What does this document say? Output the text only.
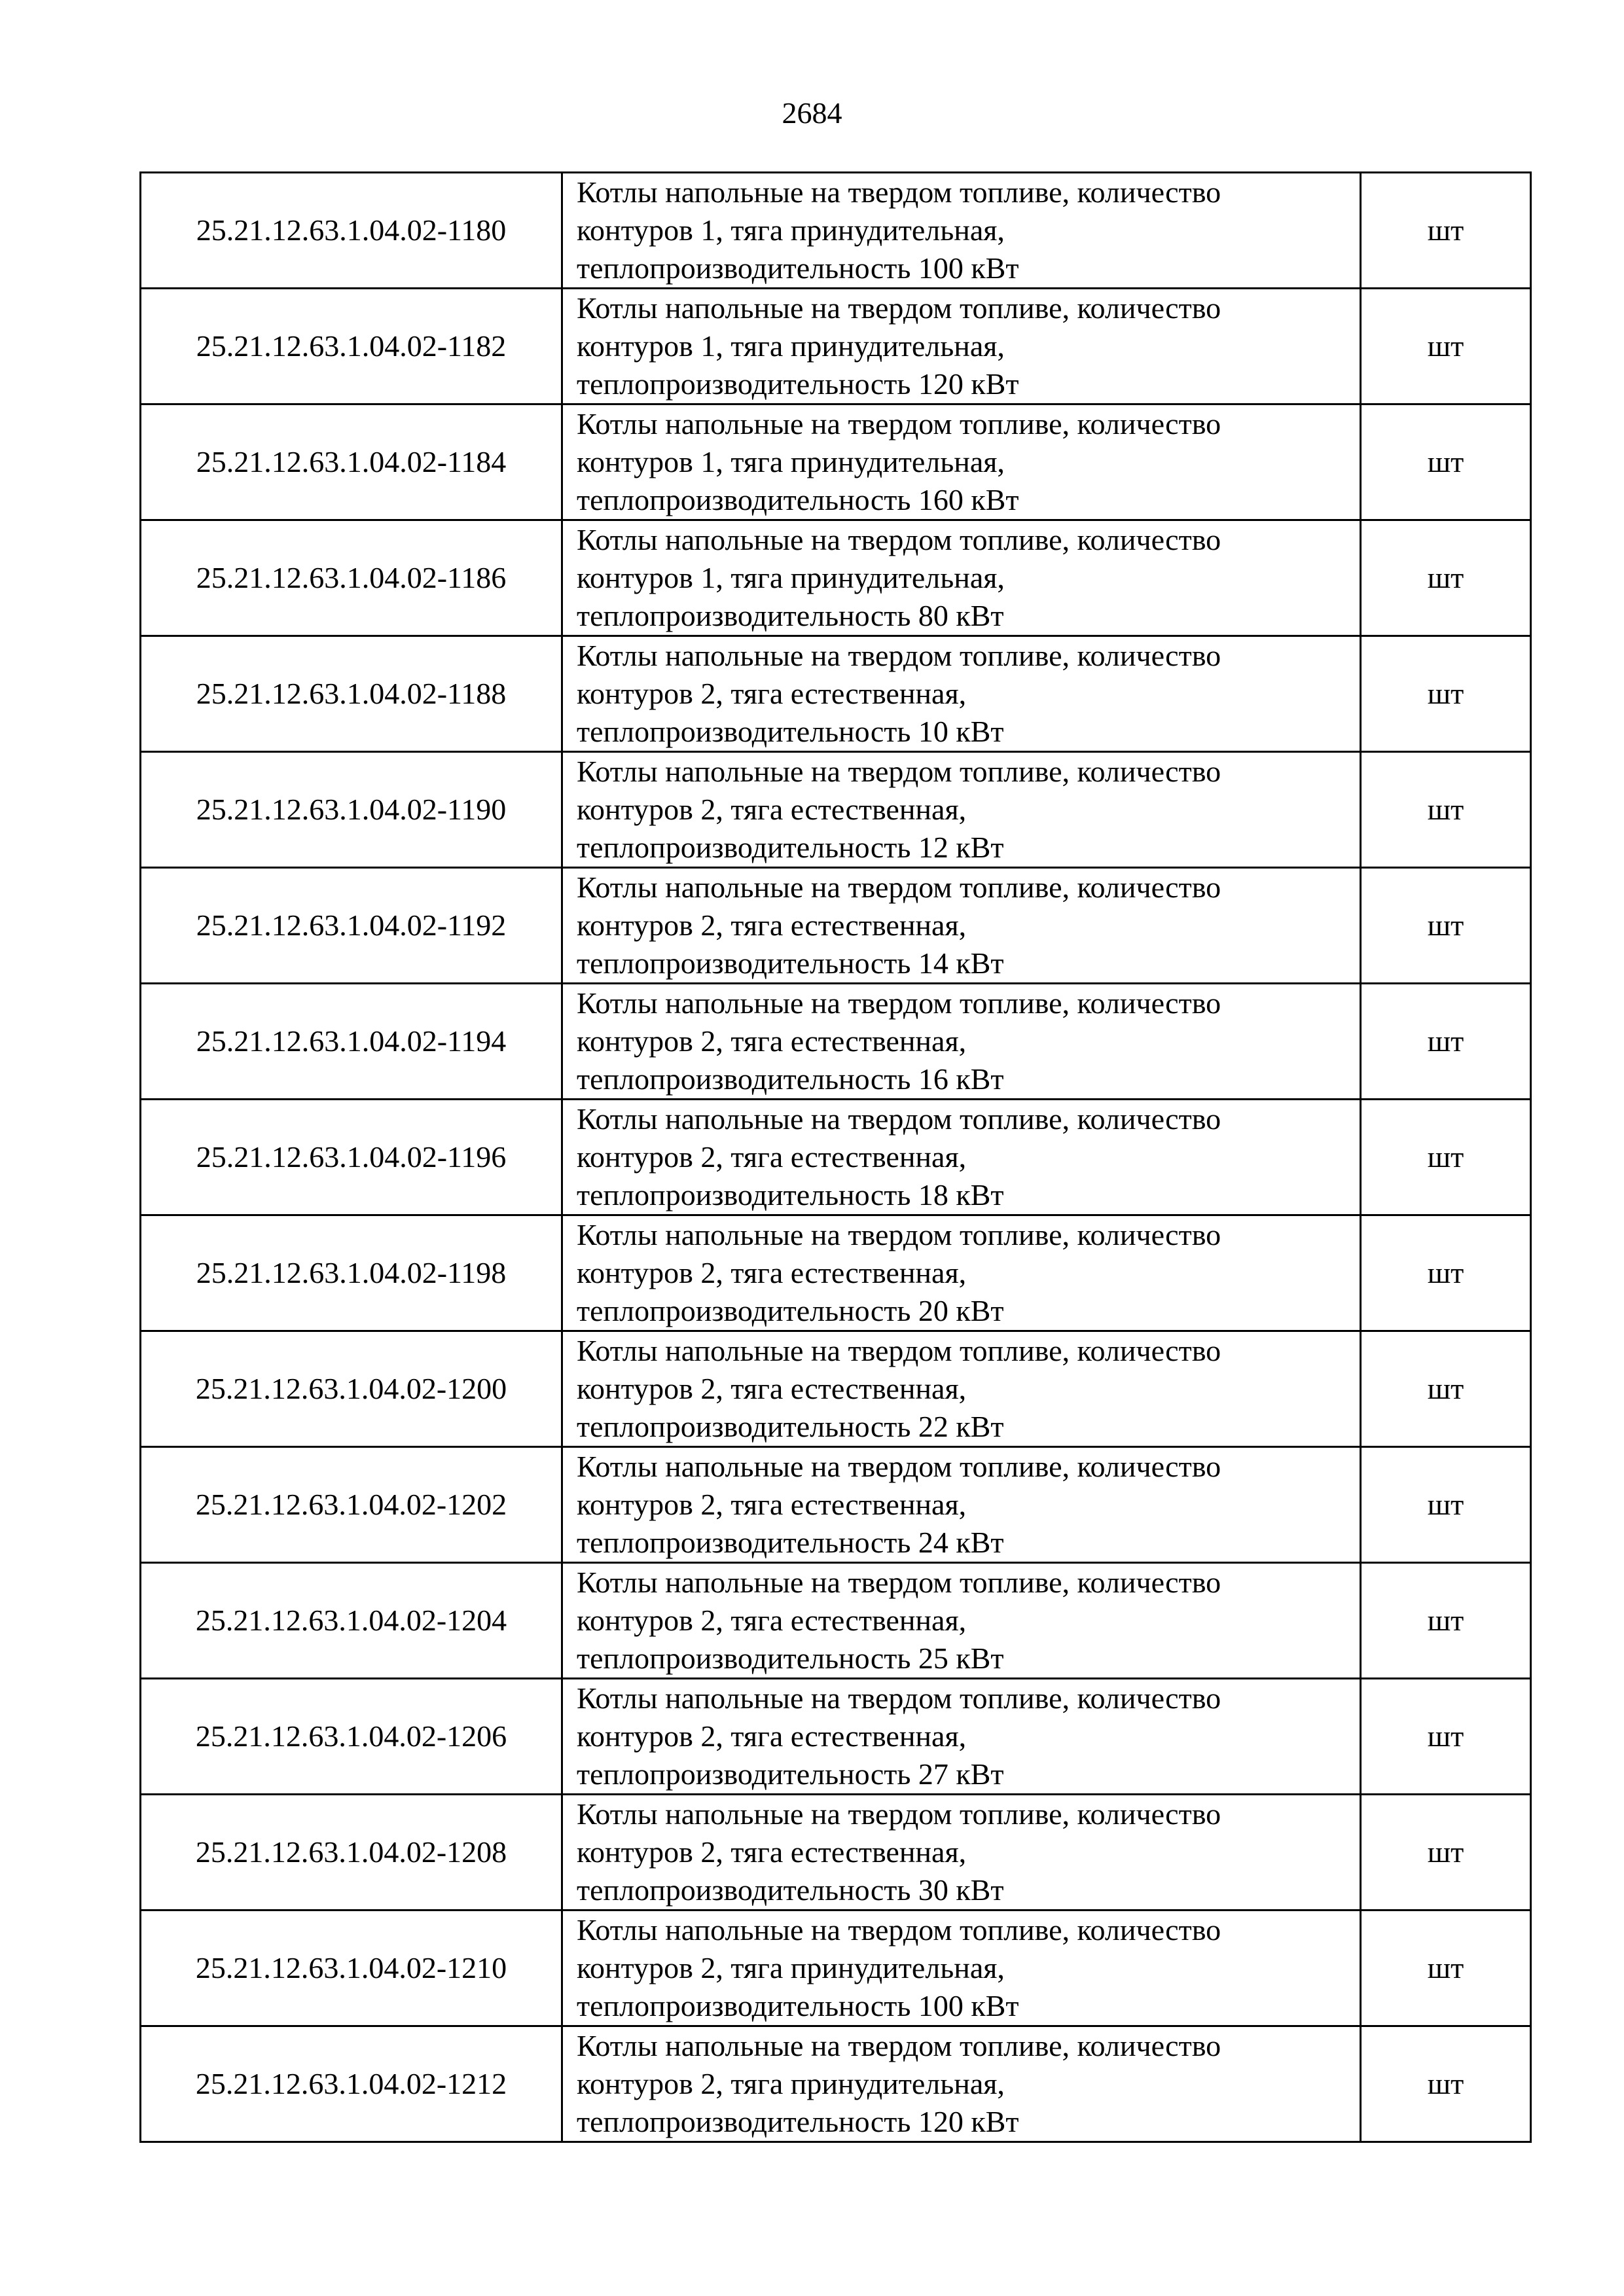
2684
25.21.12.63.1.04.02-1180	Котлы напольные на твердом топливе, количество
контуров 1, тяга принудительная,
теплопроизводительность 100 кВт	шт
25.21.12.63.1.04.02-1182	Котлы напольные на твердом топливе, количество
контуров 1, тяга принудительная,
теплопроизводительность 120 кВт	шт
25.21.12.63.1.04.02-1184	Котлы напольные на твердом топливе, количество
контуров 1, тяга принудительная,
теплопроизводительность 160 кВт	шт
25.21.12.63.1.04.02-1186	Котлы напольные на твердом топливе, количество
контуров 1, тяга принудительная,
теплопроизводительность 80 кВт	шт
25.21.12.63.1.04.02-1188	Котлы напольные на твердом топливе, количество
контуров 2, тяга естественная,
теплопроизводительность 10 кВт	шт
25.21.12.63.1.04.02-1190	Котлы напольные на твердом топливе, количество
контуров 2, тяга естественная,
теплопроизводительность 12 кВт	шт
25.21.12.63.1.04.02-1192	Котлы напольные на твердом топливе, количество
контуров 2, тяга естественная,
теплопроизводительность 14 кВт	шт
25.21.12.63.1.04.02-1194	Котлы напольные на твердом топливе, количество
контуров 2, тяга естественная,
теплопроизводительность 16 кВт	шт
25.21.12.63.1.04.02-1196	Котлы напольные на твердом топливе, количество
контуров 2, тяга естественная,
теплопроизводительность 18 кВт	шт
25.21.12.63.1.04.02-1198	Котлы напольные на твердом топливе, количество
контуров 2, тяга естественная,
теплопроизводительность 20 кВт	шт
25.21.12.63.1.04.02-1200	Котлы напольные на твердом топливе, количество
контуров 2, тяга естественная,
теплопроизводительность 22 кВт	шт
25.21.12.63.1.04.02-1202	Котлы напольные на твердом топливе, количество
контуров 2, тяга естественная,
теплопроизводительность 24 кВт	шт
25.21.12.63.1.04.02-1204	Котлы напольные на твердом топливе, количество
контуров 2, тяга естественная,
теплопроизводительность 25 кВт	шт
25.21.12.63.1.04.02-1206	Котлы напольные на твердом топливе, количество
контуров 2, тяга естественная,
теплопроизводительность 27 кВт	шт
25.21.12.63.1.04.02-1208	Котлы напольные на твердом топливе, количество
контуров 2, тяга естественная,
теплопроизводительность 30 кВт	шт
25.21.12.63.1.04.02-1210	Котлы напольные на твердом топливе, количество
контуров 2, тяга принудительная,
теплопроизводительность 100 кВт	шт
25.21.12.63.1.04.02-1212	Котлы напольные на твердом топливе, количество
контуров 2, тяга принудительная,
теплопроизводительность 120 кВт	шт
